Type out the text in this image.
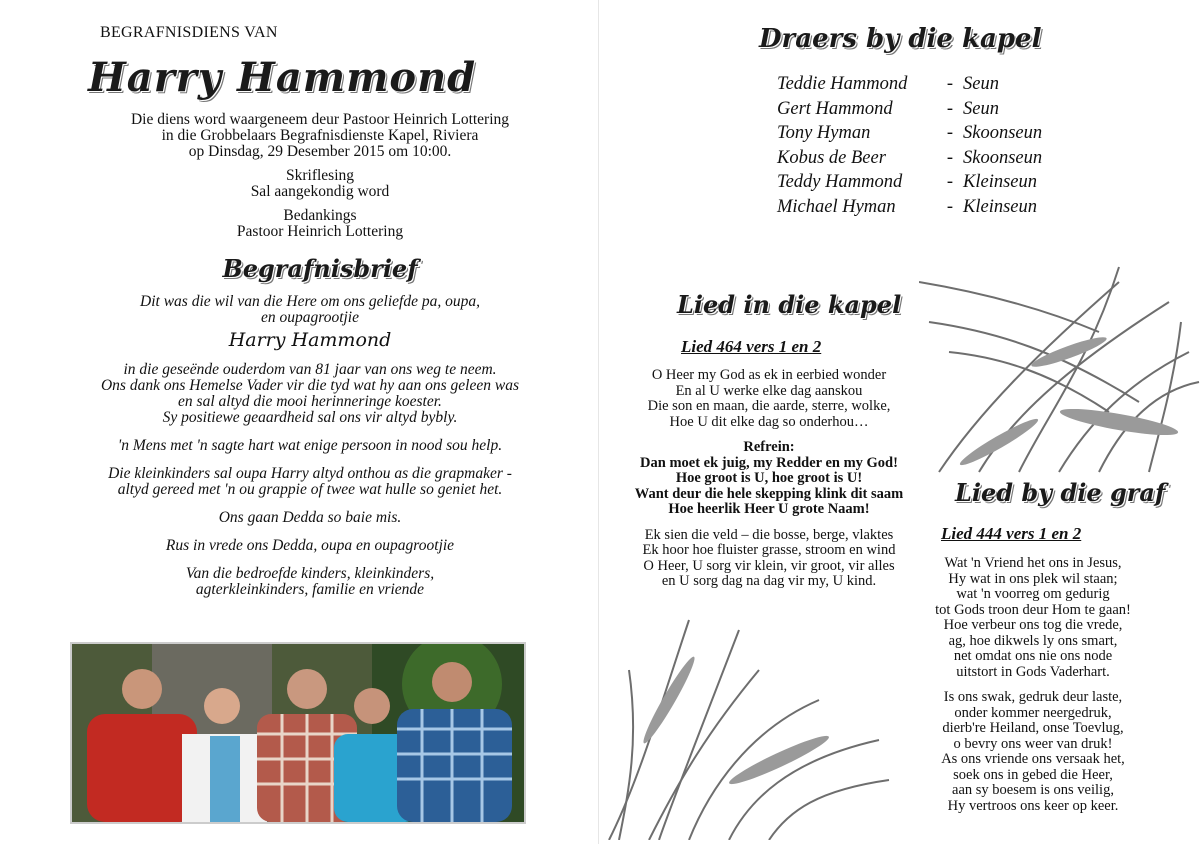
BEGRAFNISDIENS VAN
Harry Hammond
Die diens word waargeneem deur Pastoor Heinrich Lottering
in die Grobbelaars Begrafnisdienste Kapel, Riviera
op Dinsdag, 29 Desember 2015 om 10:00.
Skriflesing
Sal aangekondig word
Bedankings
Pastoor Heinrich Lottering
Begrafnisbrief
Dit was die wil van die Here om ons geliefde pa, oupa,
en oupagrootjie
Harry Hammond

in die geseënde ouderdom van 81 jaar van ons weg te neem.
Ons dank ons Hemelse Vader vir die tyd wat hy aan ons geleen was
en sal altyd die mooi herinneringe koester.
Sy positiewe geaardheid sal ons vir altyd bybly.

'n Mens met 'n sagte hart wat enige persoon in nood sou help.

Die kleinkinders sal oupa Harry altyd onthou as die grapmaker -
altyd gereed met 'n ou grappie of twee wat hulle so geniet het.

Ons gaan Dedda so baie mis.

Rus in vrede ons Dedda, oupa en oupagrootjie

Van die bedroefde kinders, kleinkinders,
agterkleinkinders, familie en vriende

Draers by die kapel
Teddie Hammond	- Seun
Gert Hammond	- Seun
Tony Hyman	- Skoonseun
Kobus de Beer	- Skoonseun
Teddy Hammond	- Kleinseun
Michael Hyman	- Kleinseun
Lied in die kapel
Lied 464 vers 1 en 2

O Heer my God as ek in eerbied wonder
En al U werke elke dag aanskou
Die son en maan, die aarde, sterre, wolke,
Hoe U dit elke dag so onderhou…

Refrein:
Dan moet ek juig, my Redder en my God!
Hoe groot is U, hoe groot is U!
Want deur die hele skepping klink dit saam
Hoe heerlik Heer U grote Naam!

Ek sien die veld – die bosse, berge, vlaktes
Ek hoor hoe fluister grasse, stroom en wind
O Heer, U sorg vir klein, vir groot, vir alles
en U sorg dag na dag vir my, U kind.

Lied by die graf
Lied 444 vers 1 en 2

Wat 'n Vriend het ons in Jesus,
Hy wat in ons plek wil staan;
wat 'n voorreg om gedurig
tot Gods troon deur Hom te gaan!
Hoe verbeur ons tog die vrede,
ag, hoe dikwels ly ons smart,
net omdat ons nie ons node
uitstort in Gods Vaderhart.

Is ons swak, gedruk deur laste,
onder kommer neergedruk,
dierb're Heiland, onse Toevlug,
o bevry ons weer van druk!
As ons vriende ons versaak het,
soek ons in gebed die Heer,
aan sy boesem is ons veilig,
Hy vertroos ons keer op keer.
